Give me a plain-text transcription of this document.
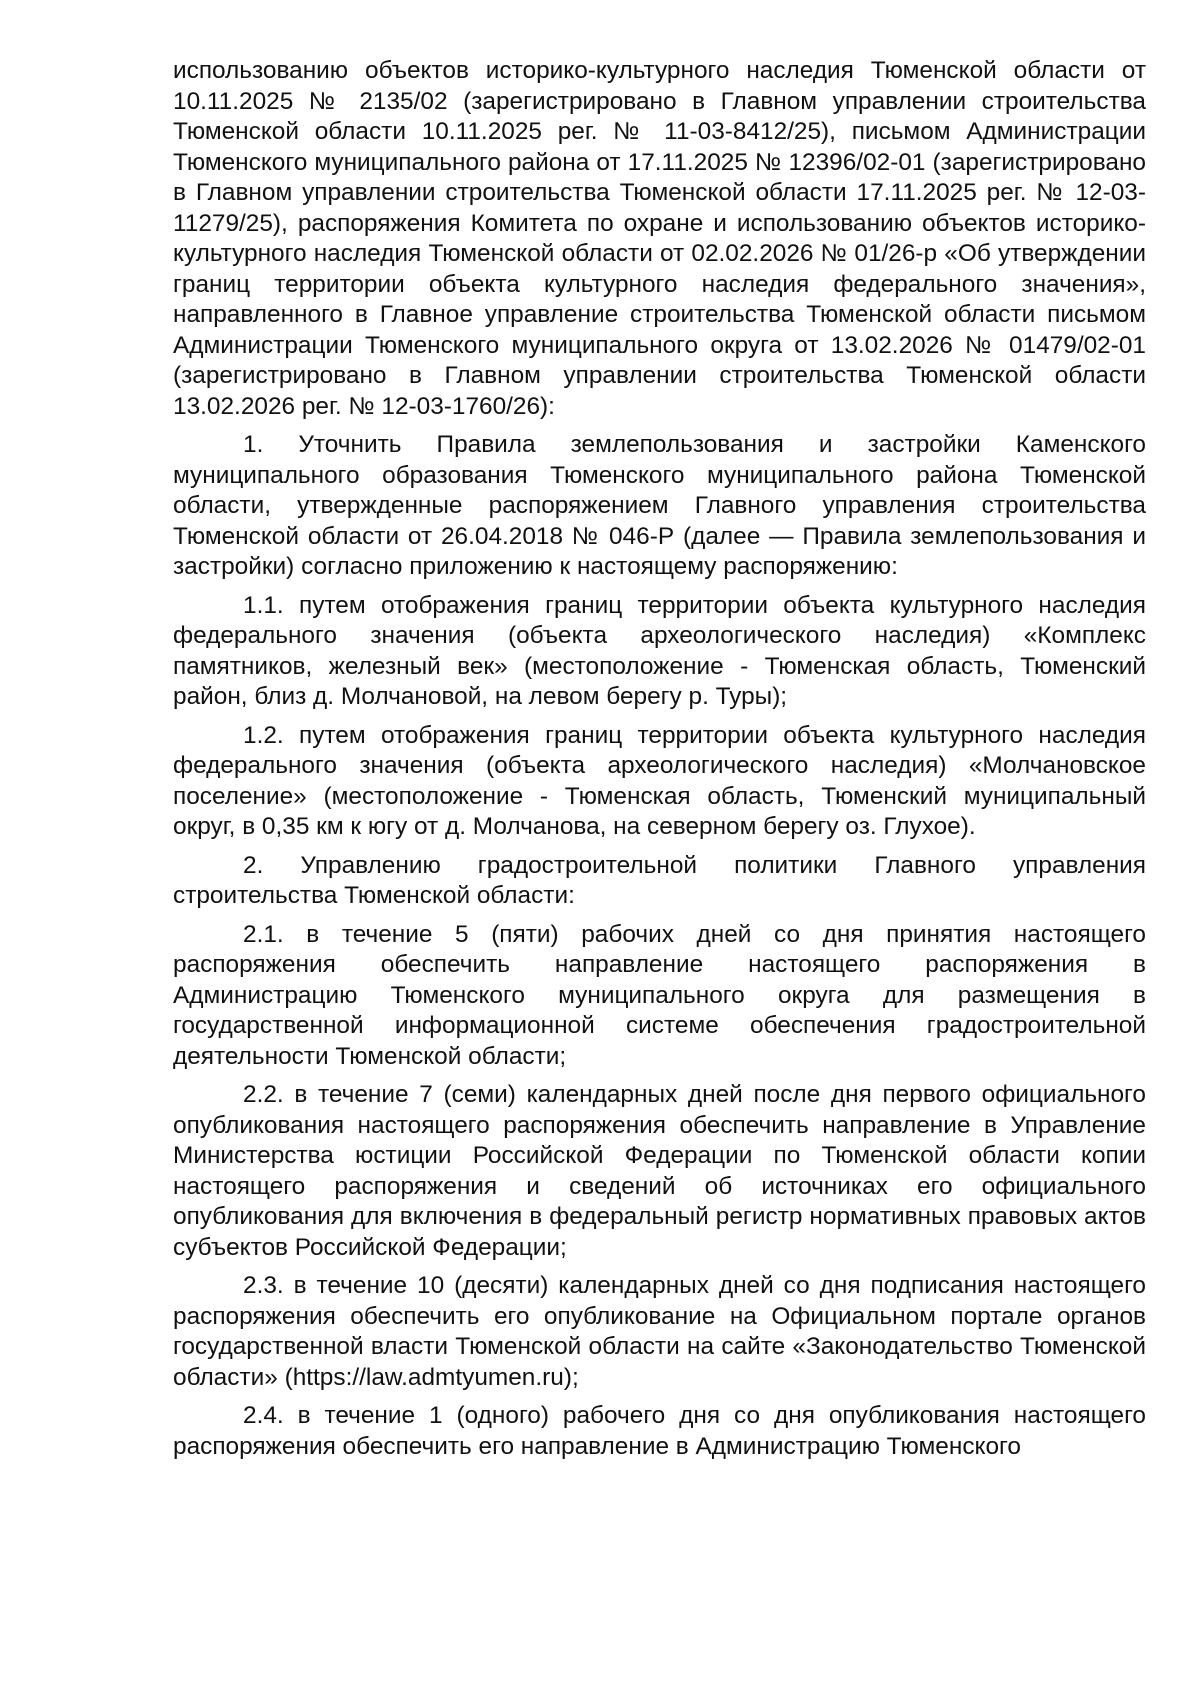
использованию объектов историко-культурного наследия Тюменской области от 10.11.2025 № 2135/02 (зарегистрировано в Главном управлении строительства Тюменской области 10.11.2025 рег. № 11-03-8412/25), письмом Администрации Тюменского муниципального района от 17.11.2025 № 12396/02-01 (зарегистрировано в Главном управлении строительства Тюменской области 17.11.2025 рег. № 12-03-11279/25), распоряжения Комитета по охране и использованию объектов историко-культурного наследия Тюменской области от 02.02.2026 № 01/26-р «Об утверждении границ территории объекта культурного наследия федерального значения», направленного в Главное управление строительства Тюменской области письмом Администрации Тюменского муниципального округа от 13.02.2026 № 01479/02-01 (зарегистрировано в Главном управлении строительства Тюменской области 13.02.2026 рег. № 12-03-1760/26):

1. Уточнить Правила землепользования и застройки Каменского муниципального образования Тюменского муниципального района Тюменской области, утвержденные распоряжением Главного управления строительства Тюменской области от 26.04.2018 № 046-Р (далее — Правила землепользования и застройки) согласно приложению к настоящему распоряжению:

1.1. путем отображения границ территории объекта культурного наследия федерального значения (объекта археологического наследия) «Комплекс памятников, железный век» (местоположение - Тюменская область, Тюменский район, близ д. Молчановой, на левом берегу р. Туры);

1.2. путем отображения границ территории объекта культурного наследия федерального значения (объекта археологического наследия) «Молчановское поселение» (местоположение - Тюменская область, Тюменский муниципальный округ, в 0,35 км к югу от д. Молчанова, на северном берегу оз. Глухое).

2. Управлению градостроительной политики Главного управления строительства Тюменской области:

2.1. в течение 5 (пяти) рабочих дней со дня принятия настоящего распоряжения обеспечить направление настоящего распоряжения в Администрацию Тюменского муниципального округа для размещения в государственной информационной системе обеспечения градостроительной деятельности Тюменской области;

2.2. в течение 7 (семи) календарных дней после дня первого официального опубликования настоящего распоряжения обеспечить направление в Управление Министерства юстиции Российской Федерации по Тюменской области копии настоящего распоряжения и сведений об источниках его официального опубликования для включения в федеральный регистр нормативных правовых актов субъектов Российской Федерации;

2.3. в течение 10 (десяти) календарных дней со дня подписания настоящего распоряжения обеспечить его опубликование на Официальном портале органов государственной власти Тюменской области на сайте «Законодательство Тюменской области» (https://law.admtyumen.ru);

2.4. в течение 1 (одного) рабочего дня со дня опубликования настоящего распоряжения обеспечить его направление в Администрацию Тюменского
